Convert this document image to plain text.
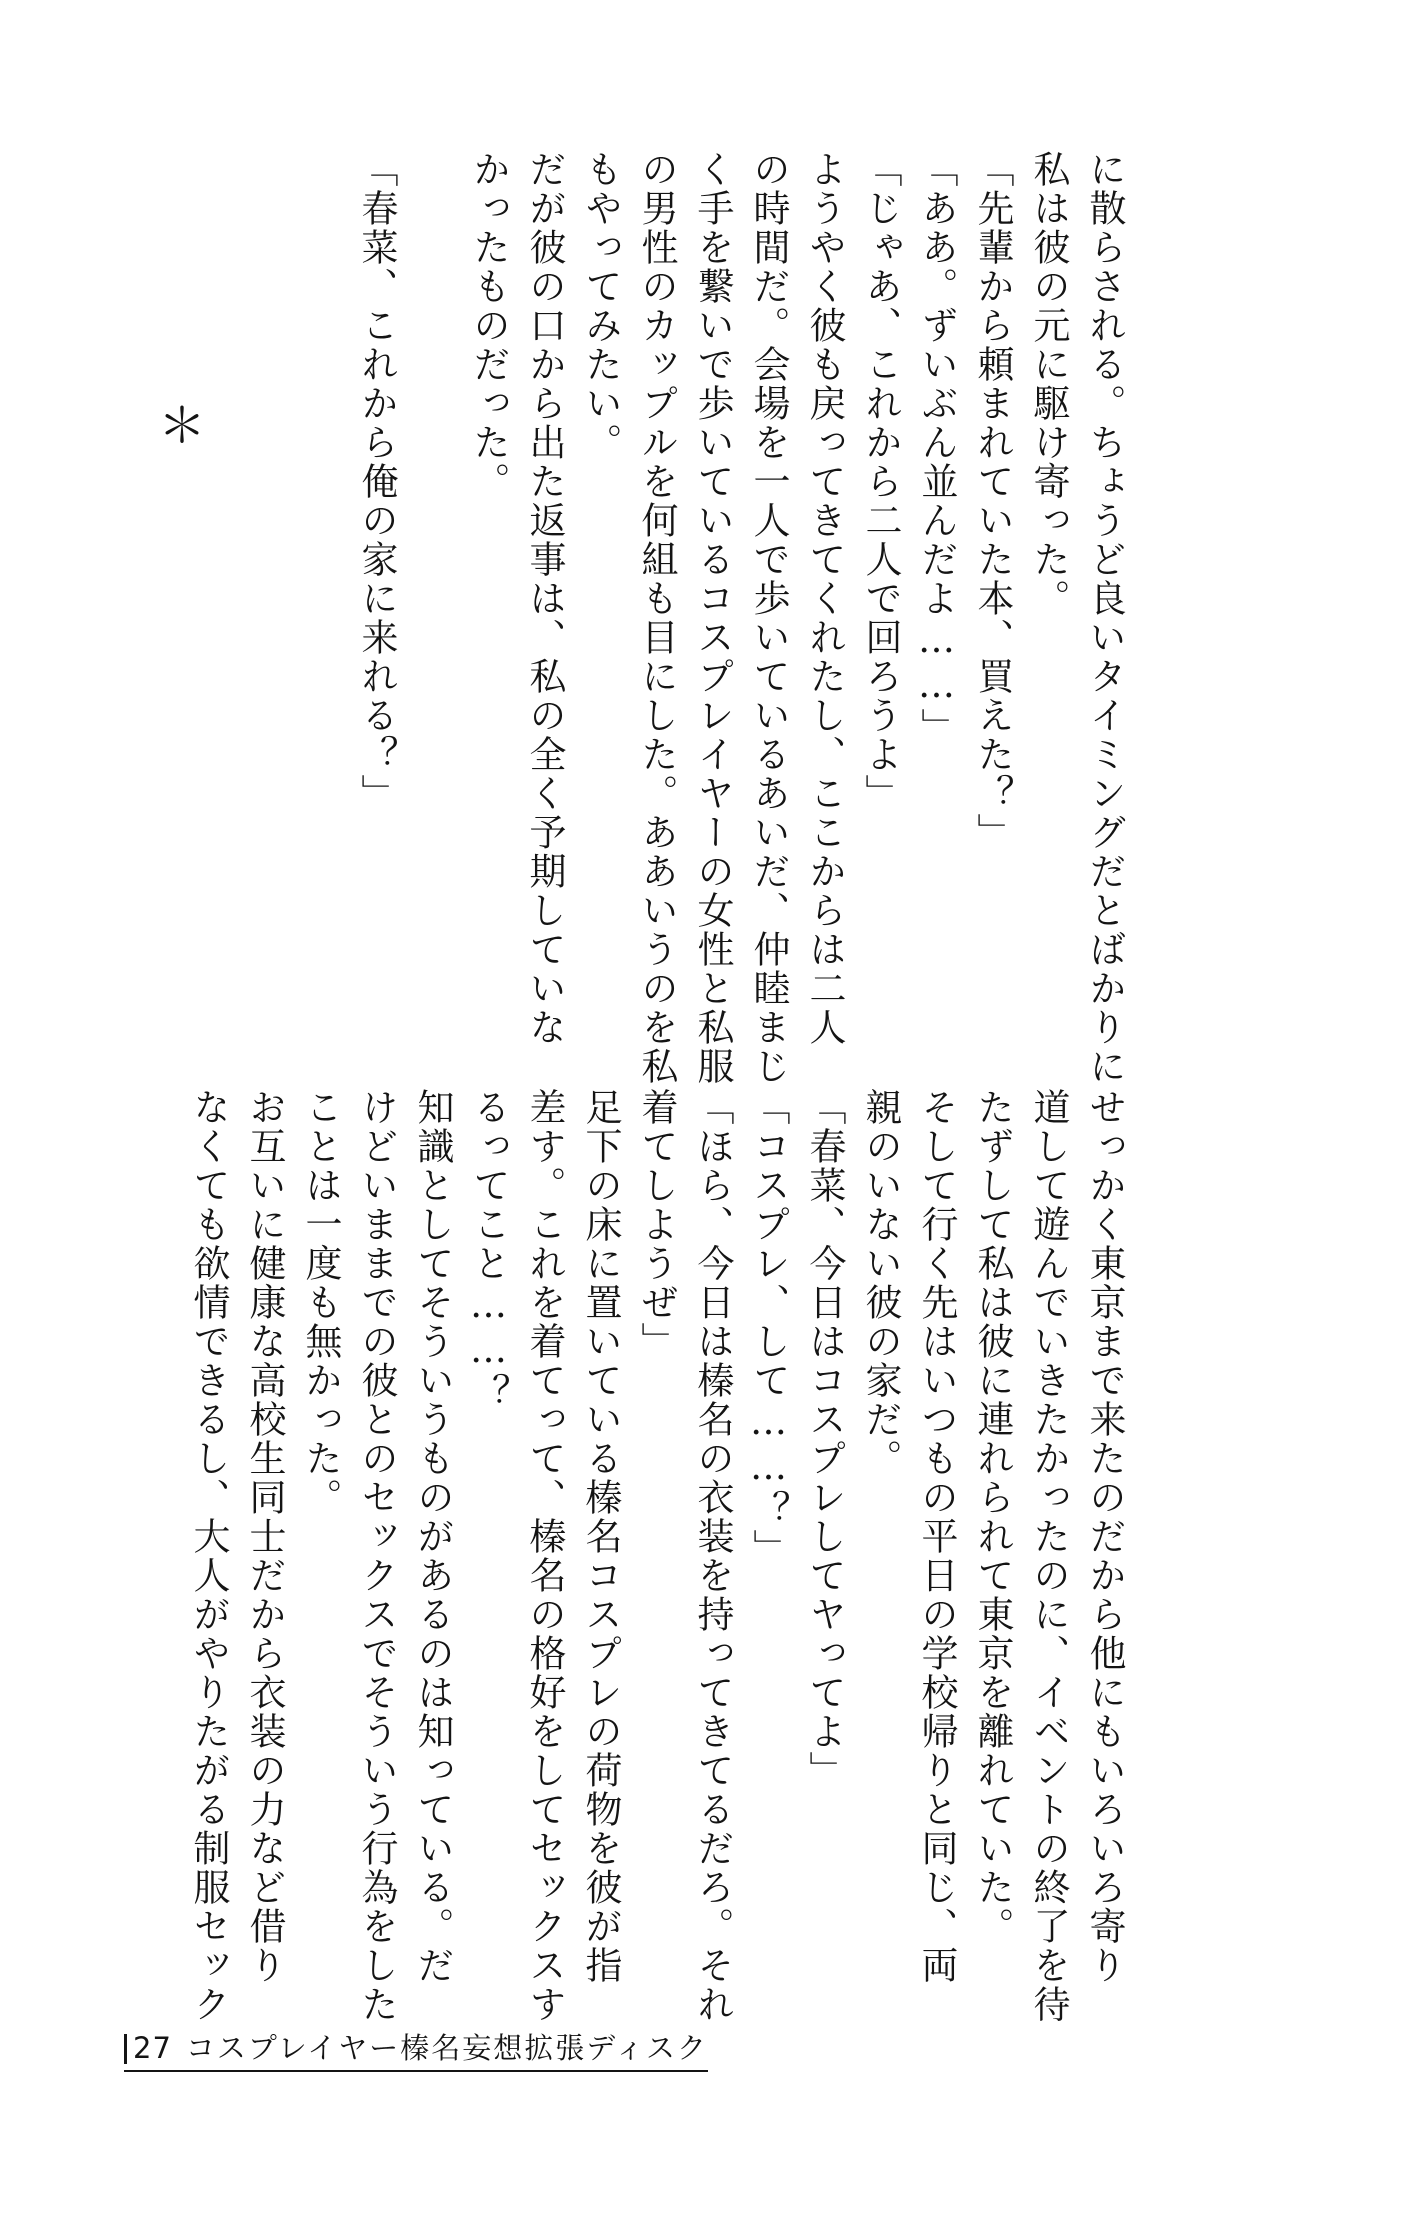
に散らされる。ちょうど良いタイミングだとばかりに

私は彼の元に駆け寄った。

「先輩から頼まれていた本、買えた？」

「ああ。ずいぶん並んだよ……」

「じゃあ、これから二人で回ろうよ」

ようやく彼も戻ってきてくれたし、ここからは二人

の時間だ。会場を一人で歩いているあいだ、仲睦まじ

く手を繋いで歩いているコスプレイヤーの女性と私服

の男性のカップルを何組も目にした。ああいうのを私

もやってみたい。

だが彼の口から出た返事は、私の全く予期していな

かったものだった。

「春菜、これから俺の家に来れる？」

＊

せっかく東京まで来たのだから他にもいろいろ寄り

道して遊んでいきたかったのに、イベントの終了を待

たずして私は彼に連れられて東京を離れていた。

そして行く先はいつもの平日の学校帰りと同じ、両

親のいない彼の家だ。

「春菜、今日はコスプレしてヤってよ」

「コスプレ、して……？」

「ほら、今日は榛名の衣装を持ってきてるだろ。それ

着てしようぜ」

足下の床に置いている榛名コスプレの荷物を彼が指

差す。これを着てって、榛名の格好をしてセックスす

るってこと……？

知識としてそういうものがあるのは知っている。だ

けどいままでの彼とのセックスでそういう行為をした

ことは一度も無かった。

お互いに健康な高校生同士だから衣装の力など借り

なくても欲情できるし、大人がやりたがる制服セック

27 コスプレイヤー榛名妄想拡張ディスク
